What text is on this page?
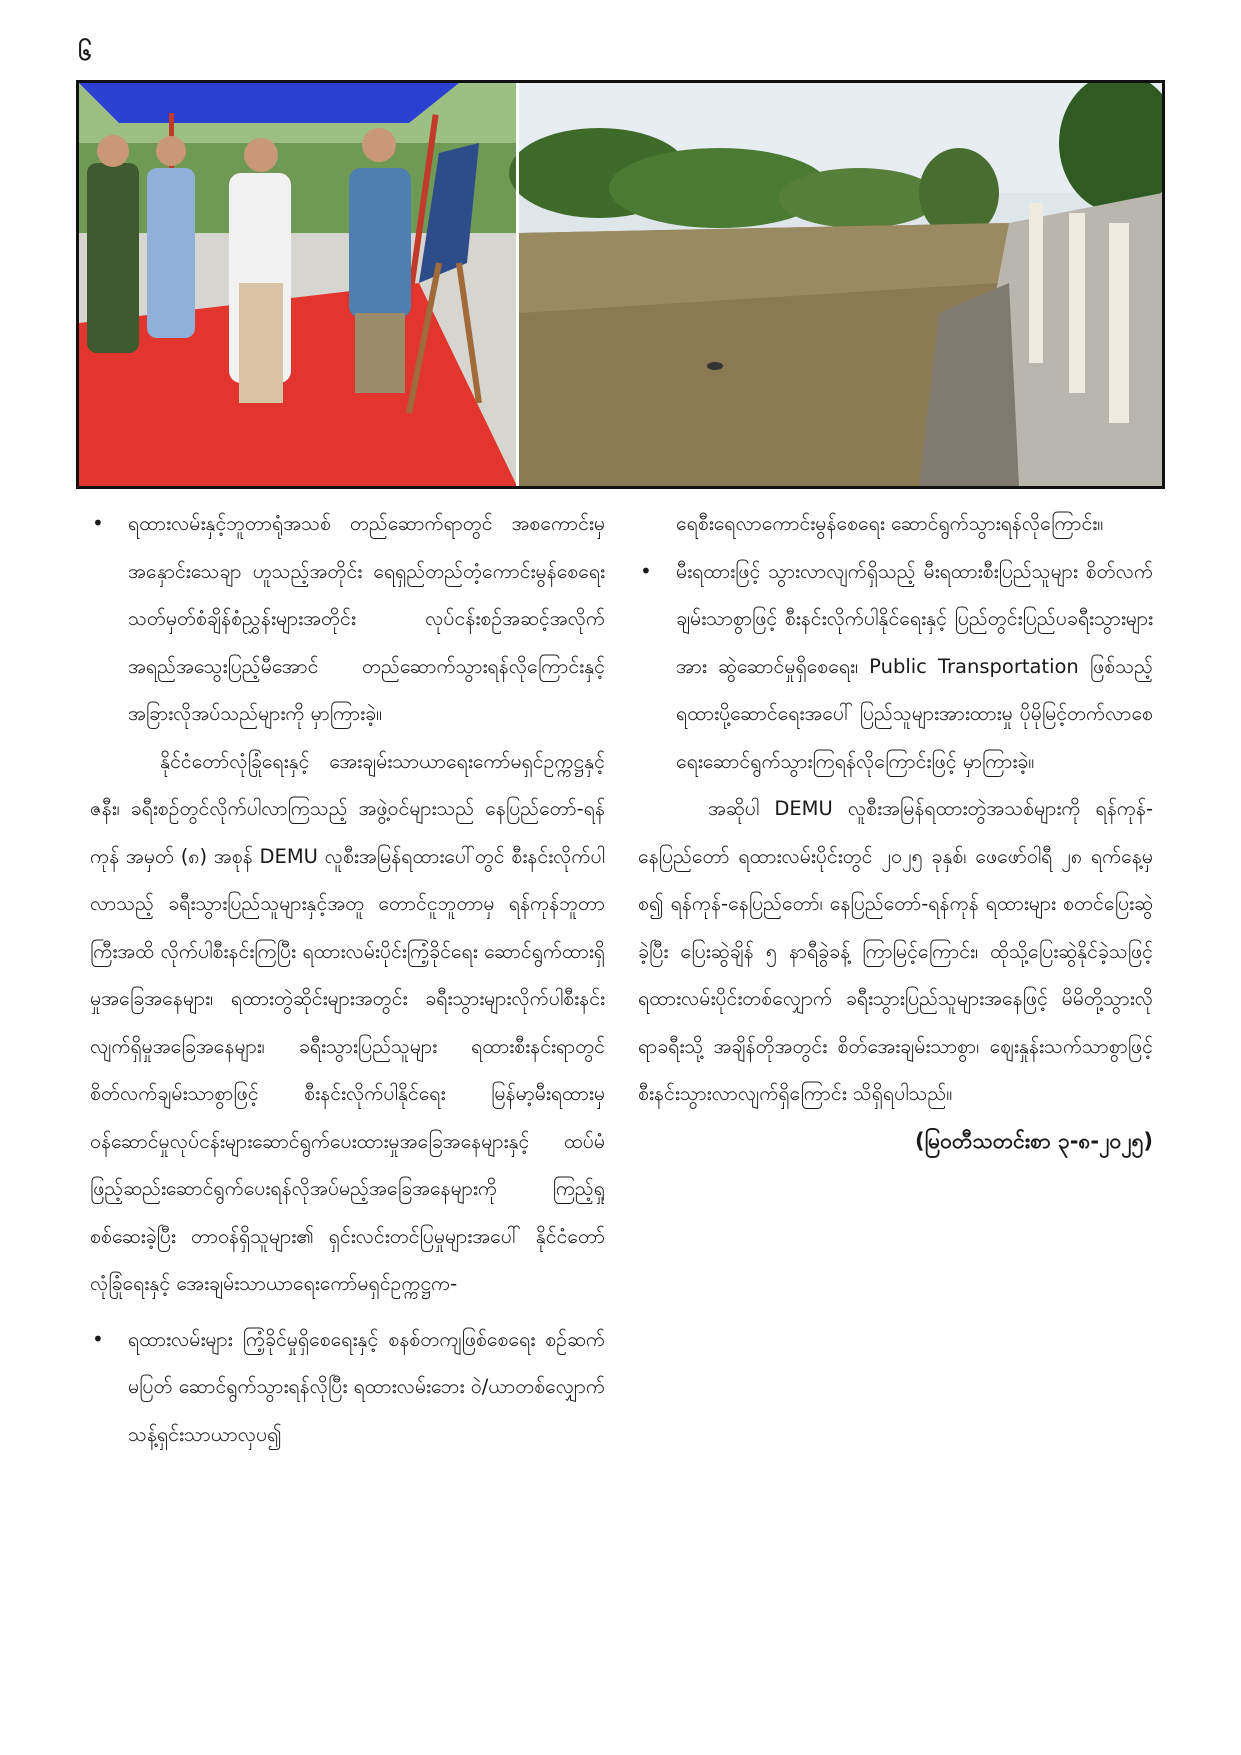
၆
• ရထားလမ်းနှင့်ဘူတာရုံအသစ် တည်ဆောက်ရာတွင် အစကောင်းမှ အနှောင်းသေချာ ဟူသည့်အတိုင်း ရေရှည်တည်တံ့ကောင်းမွန်စေရေး သတ်မှတ်စံချိန်စံညွှန်းများအတိုင်း လုပ်ငန်းစဉ်အဆင့်အလိုက် အရည်အသွေးပြည့်မီအောင် တည်ဆောက်သွားရန်လိုကြောင်းနှင့် အခြားလိုအပ်သည်များကို မှာကြားခဲ့။
နိုင်ငံတော်လုံခြုံရေးနှင့် အေးချမ်းသာယာရေးကော်မရှင်ဥက္ကဋ္ဌနှင့် ဇနီး၊ ခရီးစဉ်တွင်လိုက်ပါလာကြသည့် အဖွဲ့ဝင်များသည် နေပြည်တော်-ရန်ကုန် အမှတ် (၈) အစုန် DEMU လူစီးအမြန်ရထားပေါ်တွင် စီးနင်းလိုက်ပါလာသည့် ခရီးသွားပြည်သူများနှင့်အတူ တောင်ငူဘူတာမှ ရန်ကုန်ဘူတာကြီးအထိ လိုက်ပါစီးနင်းကြပြီး ရထားလမ်းပိုင်းကြံ့ခိုင်ရေး ဆောင်ရွက်ထားရှိမှုအခြေအနေများ၊ ရထားတွဲဆိုင်းများအတွင်း ခရီးသွားများလိုက်ပါစီးနင်းလျက်ရှိမှုအခြေအနေများ၊ ခရီးသွားပြည်သူများ ရထားစီးနင်းရာတွင် စိတ်လက်ချမ်းသာစွာဖြင့် စီးနင်းလိုက်ပါနိုင်ရေး မြန်မာ့မီးရထားမှဝန်ဆောင်မှုလုပ်ငန်းများဆောင်ရွက်ပေးထားမှုအခြေအနေများနှင့် ထပ်မံဖြည့်ဆည်းဆောင်ရွက်ပေးရန်လိုအပ်မည့်အခြေအနေများကို ကြည့်ရှုစစ်ဆေးခဲ့ပြီး တာဝန်ရှိသူများ၏ ရှင်းလင်းတင်ပြမှုများအပေါ် နိုင်ငံတော်လုံခြုံရေးနှင့် အေးချမ်းသာယာရေးကော်မရှင်ဥက္ကဋ္ဌက-
• ရထားလမ်းများ ကြံ့ခိုင်မှုရှိစေရေးနှင့် စနစ်တကျဖြစ်စေရေး စဉ်ဆက်မပြတ် ဆောင်ရွက်သွားရန်လိုပြီး ရထားလမ်းဘေး ဝဲ/ယာတစ်လျှောက် သန့်ရှင်းသာယာလှပ၍
ရေစီးရေလာကောင်းမွန်စေရေး ဆောင်ရွက်သွားရန်လိုကြောင်း။
• မီးရထားဖြင့် သွားလာလျက်ရှိသည့် မီးရထားစီးပြည်သူများ စိတ်လက်ချမ်းသာစွာဖြင့် စီးနင်းလိုက်ပါနိုင်ရေးနှင့် ပြည်တွင်းပြည်ပခရီးသွားများအား ဆွဲဆောင်မှုရှိစေရေး၊ Public Transportation ဖြစ်သည့် ရထားပို့ဆောင်ရေးအပေါ် ပြည်သူများအားထားမှု ပိုမိုမြင့်တက်လာစေရေးဆောင်ရွက်သွားကြရန်လိုကြောင်းဖြင့် မှာကြားခဲ့။
အဆိုပါ DEMU လူစီးအမြန်ရထားတွဲအသစ်များကို ရန်ကုန်-နေပြည်တော် ရထားလမ်းပိုင်းတွင် ၂၀၂၅ ခုနှစ်၊ ဖေဖော်ဝါရီ ၂၈ ရက်နေ့မှစ၍ ရန်ကုန်-နေပြည်တော်၊ နေပြည်တော်-ရန်ကုန် ရထားများ စတင်ပြေးဆွဲခဲ့ပြီး ပြေးဆွဲချိန် ၅ နာရီခွဲခန့် ကြာမြင့်ကြောင်း၊ ထိုသို့ပြေးဆွဲနိုင်ခဲ့သဖြင့် ရထားလမ်းပိုင်းတစ်လျှောက် ခရီးသွားပြည်သူများအနေဖြင့် မိမိတို့သွားလိုရာခရီးသို့ အချိန်တိုအတွင်း စိတ်အေးချမ်းသာစွာ၊ ဈေးနှုန်းသက်သာစွာဖြင့် စီးနင်းသွားလာလျက်ရှိကြောင်း သိရှိရပါသည်။
(မြဝတီသတင်းစာ ၃-၈-၂၀၂၅)
